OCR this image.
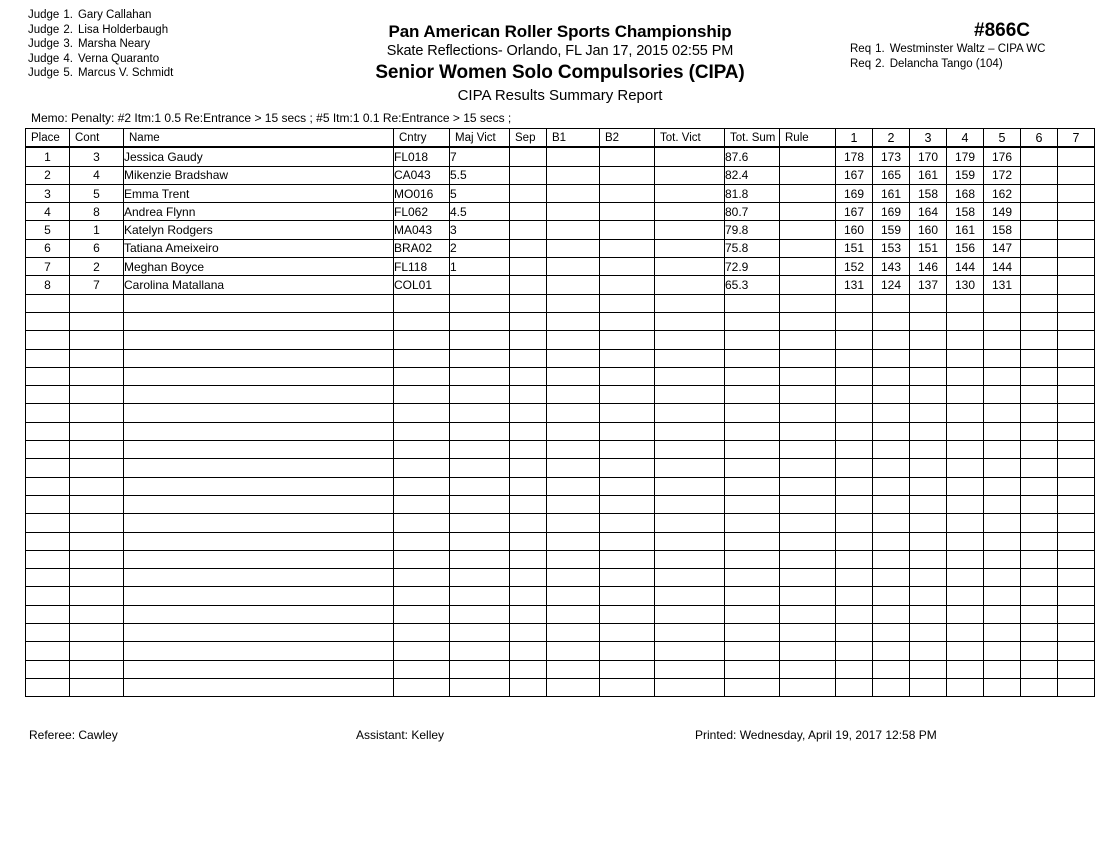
Judge 1. Gary Callahan
Judge 2. Lisa Holderbaugh
Judge 3. Marsha Neary
Judge 4. Verna Quaranto
Judge 5. Marcus V. Schmidt
Pan American Roller Sports Championship
Skate Reflections- Orlando, FL Jan 17, 2015 02:55 PM
Senior Women Solo Compulsories (CIPA)
CIPA Results Summary Report
#866C
Req 1. Westminster Waltz – CIPA WC
Req 2. Delancha Tango (104)
Memo: Penalty: #2 Itm:1 0.5 Re:Entrance > 15 secs ; #5 Itm:1 0.1 Re:Entrance > 15 secs ;
Place	Cont	Name	Cntry	Maj Vict	Sep	B1	B2	Tot. Vict	Tot. Sum	Rule	1	2	3	4	5	6	7
1	3	Jessica Gaudy	FL018	7					87.6		178	173	170	179	176		
2	4	Mikenzie Bradshaw	CA043	5.5					82.4		167	165	161	159	172		
3	5	Emma Trent	MO016	5					81.8		169	161	158	168	162		
4	8	Andrea Flynn	FL062	4.5					80.7		167	169	164	158	149		
5	1	Katelyn Rodgers	MA043	3					79.8		160	159	160	161	158		
6	6	Tatiana Ameixeiro	BRA02	2					75.8		151	153	151	156	147		
7	2	Meghan Boyce	FL118	1					72.9		152	143	146	144	144		
8	7	Carolina Matallana	COL01						65.3		131	124	137	130	131		

Referee: Cawley	Assistant: Kelley	Printed: Wednesday, April 19, 2017 12:58 PM
